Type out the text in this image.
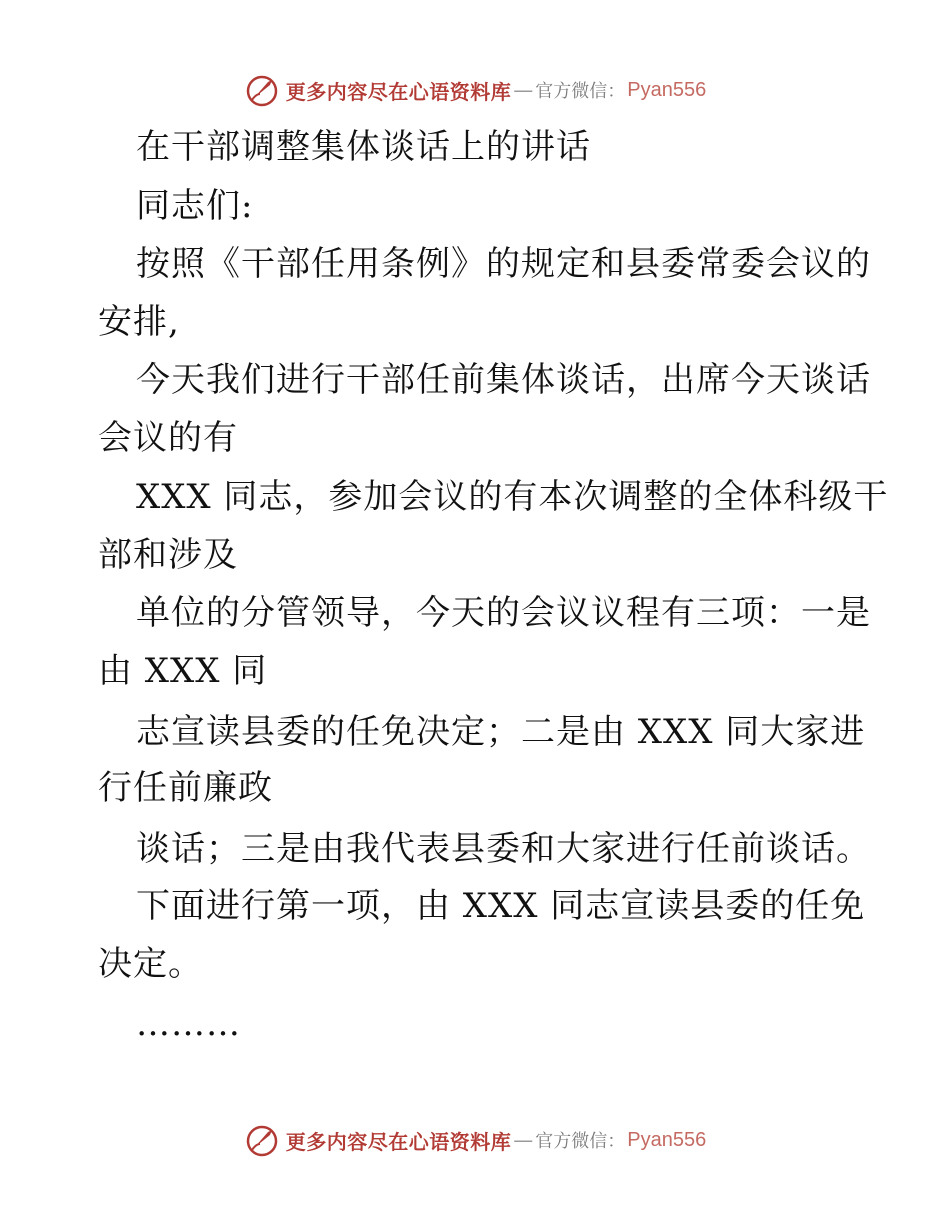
更多内容尽在心语资料库 — 官方微信： Pyan556
在干部调整集体谈话上的讲话
同志们:
按照《干部任用条例》的规定和县委常委会议的
安排,
今天我们进行干部任前集体谈话，出席今天谈话
会议的有
XXX 同志，参加会议的有本次调整的全体科级干
部和涉及
单位的分管领导，今天的会议议程有三项：一是
由 XXX 同
志宣读县委的任免决定；二是由 XXX 同大家进
行任前廉政
谈话；三是由我代表县委和大家进行任前谈话。
下面进行第一项，由 XXX 同志宣读县委的任免
决定。
………
更多内容尽在心语资料库 — 官方微信： Pyan556
